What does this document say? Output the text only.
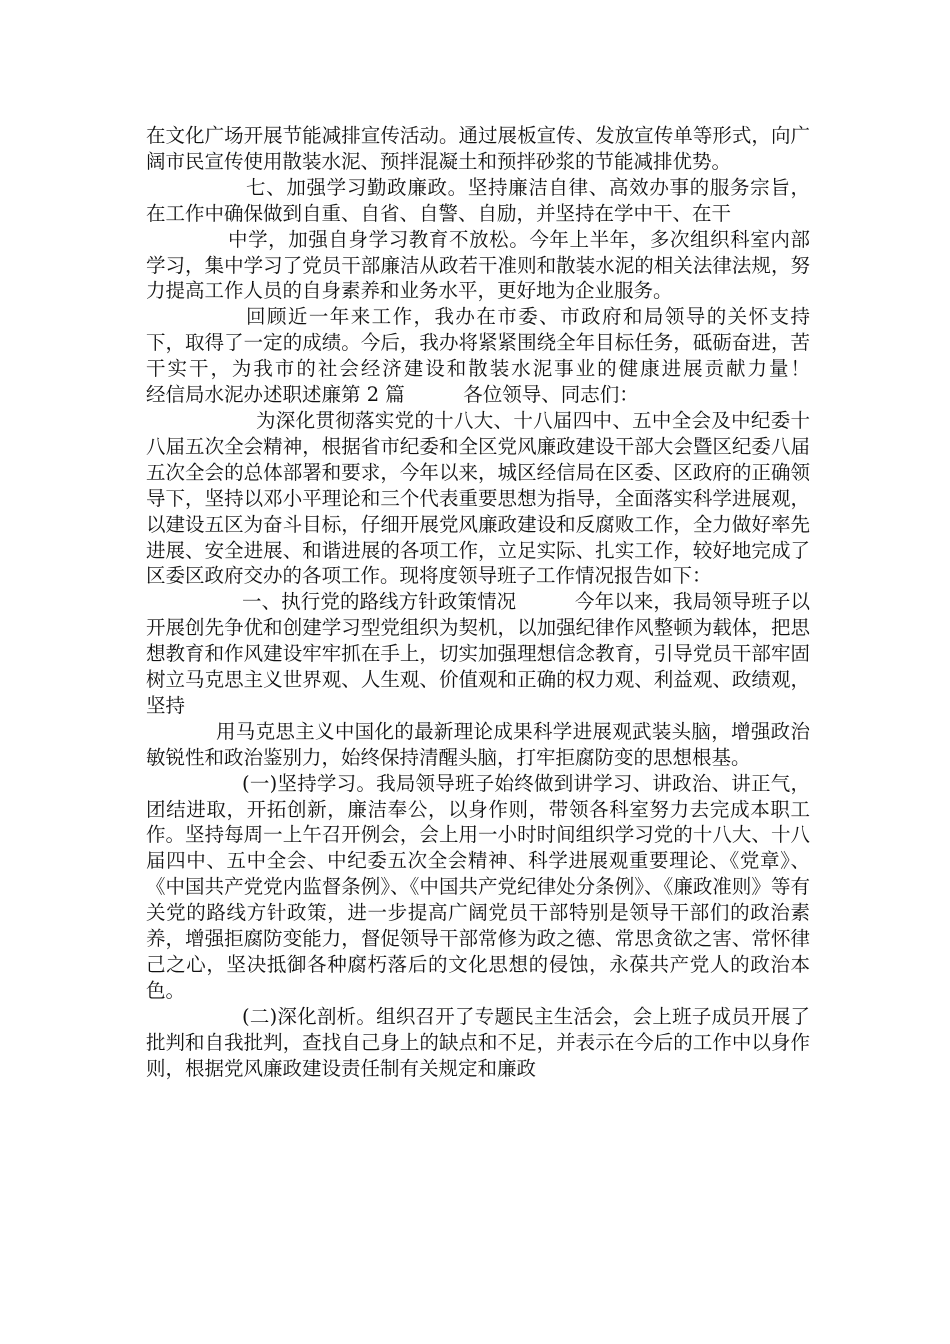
在文化广场开展节能减排宣传活动。通过展板宣传、发放宣传单等形式，向广阔市民宣传使用散装水泥、预拌混凝土和预拌砂浆的节能减排优势。

七、加强学习勤政廉政。坚持廉洁自律、高效办事的服务宗旨，在工作中确保做到自重、自省、自警、自励，并坚持在学中干、在干

中学，加强自身学习教育不放松。今年上半年，多次组织科室内部学习，集中学习了党员干部廉洁从政若干准则和散装水泥的相关法律法规，努力提高工作人员的自身素养和业务水平，更好地为企业服务。

回顾近一年来工作，我办在市委、市政府和局领导的关怀支持下，取得了一定的成绩。今后，我办将紧紧围绕全年目标任务，砥砺奋进，苦干实干，为我市的社会经济建设和散装水泥事业的健康进展贡献力量！　　　经信局水泥办述职述廉第 2 篇　　　各位领导、同志们：

为深化贯彻落实党的十八大、十八届四中、五中全会及中纪委十八届五次全会精神，根据省市纪委和全区党风廉政建设干部大会暨区纪委八届五次全会的总体部署和要求，今年以来，城区经信局在区委、区政府的正确领导下，坚持以邓小平理论和三个代表重要思想为指导，全面落实科学进展观，以建设五区为奋斗目标，仔细开展党风廉政建设和反腐败工作，全力做好率先进展、安全进展、和谐进展的各项工作，立足实际、扎实工作，较好地完成了区委区政府交办的各项工作。现将度领导班子工作情况报告如下：

一、执行党的路线方针政策情况　　　今年以来，我局领导班子以开展创先争优和创建学习型党组织为契机，以加强纪律作风整顿为载体，把思想教育和作风建设牢牢抓在手上，切实加强理想信念教育，引导党员干部牢固树立马克思主义世界观、人生观、价值观和正确的权力观、利益观、政绩观，坚持

用马克思主义中国化的最新理论成果科学进展观武装头脑，增强政治敏锐性和政治鉴别力，始终保持清醒头脑，打牢拒腐防变的思想根基。

(一)坚持学习。我局领导班子始终做到讲学习、讲政治、讲正气，团结进取，开拓创新，廉洁奉公，以身作则，带领各科室努力去完成本职工作。坚持每周一上午召开例会，会上用一小时时间组织学习党的十八大、十八届四中、五中全会、中纪委五次全会精神、科学进展观重要理论、《党章》、《中国共产党党内监督条例》、《中国共产党纪律处分条例》、《廉政准则》等有关党的路线方针政策，进一步提高广阔党员干部特别是领导干部们的政治素养，增强拒腐防变能力，督促领导干部常修为政之德、常思贪欲之害、常怀律己之心，坚决抵御各种腐朽落后的文化思想的侵蚀，永葆共产党人的政治本色。

(二)深化剖析。组织召开了专题民主生活会，会上班子成员开展了批判和自我批判，查找自己身上的缺点和不足，并表示在今后的工作中以身作则，根据党风廉政建设责任制有关规定和廉政
